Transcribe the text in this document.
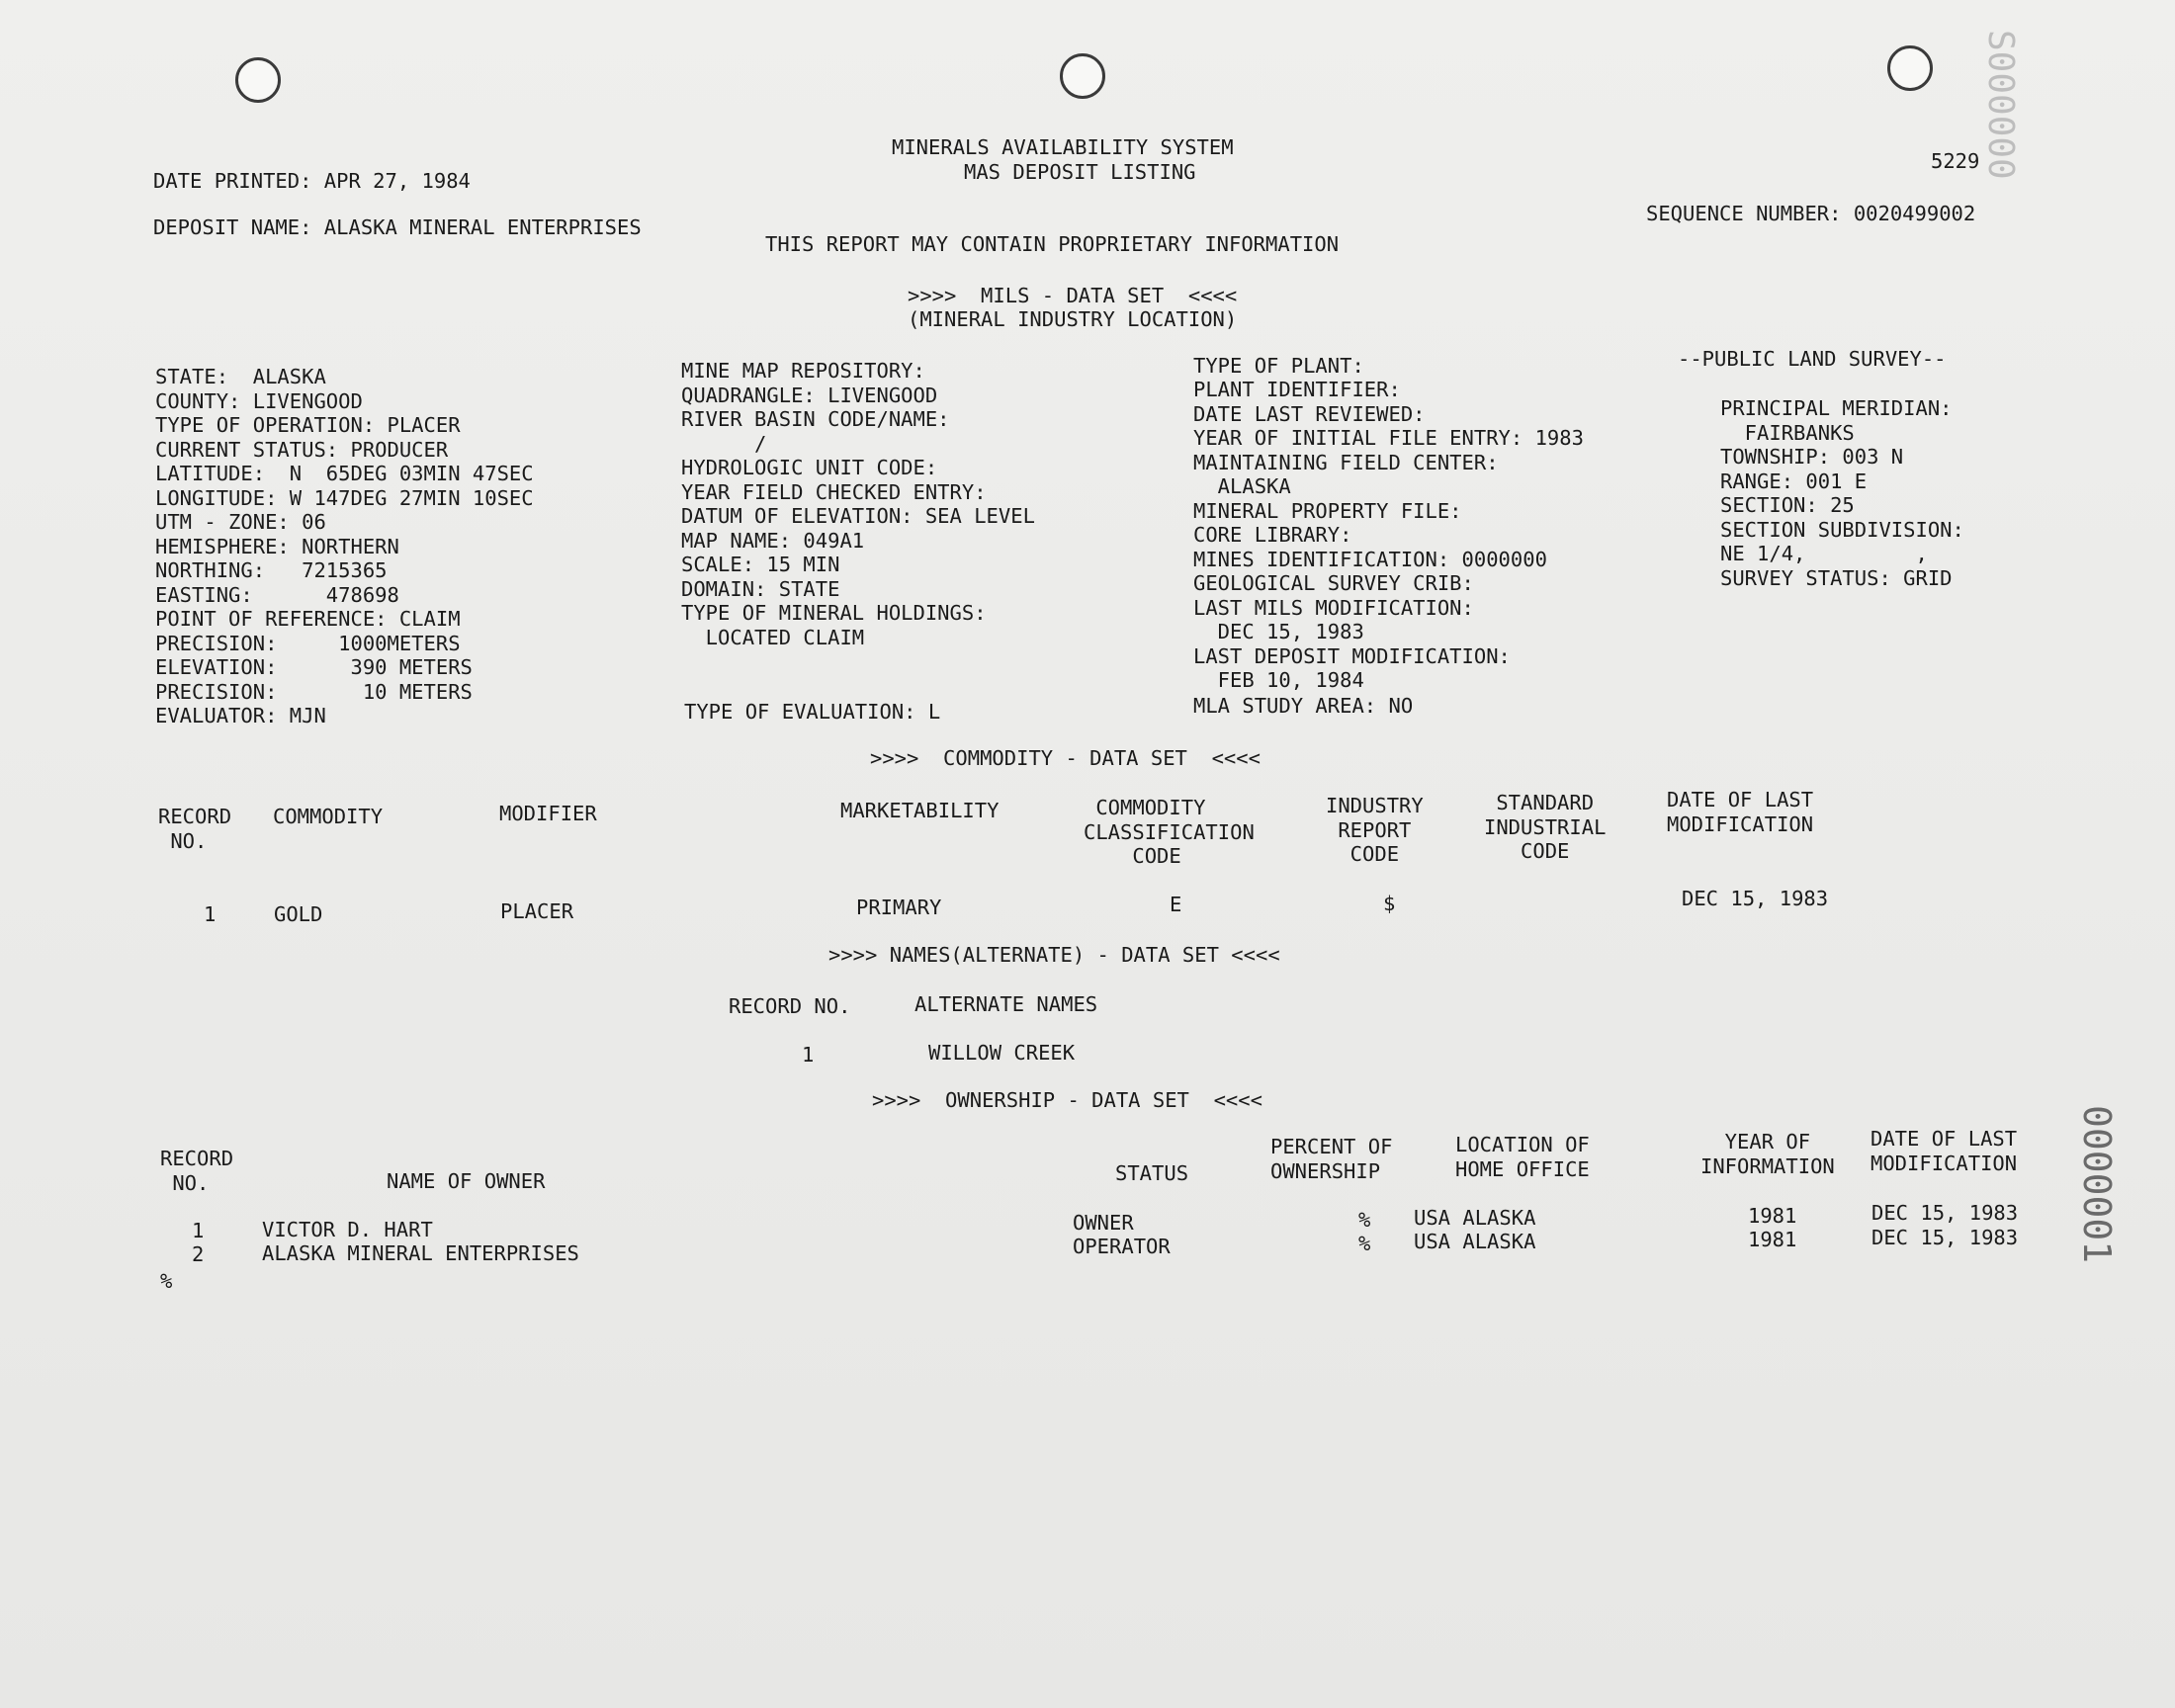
S000000
0000001
MINERALS AVAILABILITY SYSTEM
MAS DEPOSIT LISTING
DATE PRINTED: APR 27, 1984
5229
SEQUENCE NUMBER: 0020499002
DEPOSIT NAME: ALASKA MINERAL ENTERPRISES
THIS REPORT MAY CONTAIN PROPRIETARY INFORMATION
>>>>  MILS - DATA SET  <<<<
(MINERAL INDUSTRY LOCATION)
STATE:  ALASKA
COUNTY: LIVENGOOD
TYPE OF OPERATION: PLACER
CURRENT STATUS: PRODUCER
LATITUDE:  N  65DEG 03MIN 47SEC
LONGITUDE: W 147DEG 27MIN 10SEC
UTM - ZONE: 06
HEMISPHERE: NORTHERN
NORTHING:   7215365
EASTING:      478698
POINT OF REFERENCE: CLAIM
PRECISION:     1000METERS
ELEVATION:      390 METERS
PRECISION:       10 METERS
EVALUATOR: MJN
MINE MAP REPOSITORY:
QUADRANGLE: LIVENGOOD
RIVER BASIN CODE/NAME:
/
HYDROLOGIC UNIT CODE:
YEAR FIELD CHECKED ENTRY:
DATUM OF ELEVATION: SEA LEVEL
MAP NAME: 049A1
SCALE: 15 MIN
DOMAIN: STATE
TYPE OF MINERAL HOLDINGS:
LOCATED CLAIM
TYPE OF EVALUATION: L
TYPE OF PLANT:
PLANT IDENTIFIER:
DATE LAST REVIEWED:
YEAR OF INITIAL FILE ENTRY: 1983
MAINTAINING FIELD CENTER:
ALASKA
MINERAL PROPERTY FILE:
CORE LIBRARY:
MINES IDENTIFICATION: 0000000
GEOLOGICAL SURVEY CRIB:
LAST MILS MODIFICATION:
DEC 15, 1983
LAST DEPOSIT MODIFICATION:
FEB 10, 1984
MLA STUDY AREA: NO
--PUBLIC LAND SURVEY--
PRINCIPAL MERIDIAN:
FAIRBANKS
TOWNSHIP: 003 N
RANGE: 001 E
SECTION: 25
SECTION SUBDIVISION:
NE 1/4,         ,
SURVEY STATUS: GRID
>>>>  COMMODITY - DATA SET  <<<<
RECORD
NO.
COMMODITY	MODIFIER	MARKETABILITY	COMMODITY
CLASSIFICATION
CODE
INDUSTRY
REPORT
CODE
STANDARD
INDUSTRIAL
CODE
DATE OF LAST
MODIFICATION
1	GOLD	PLACER	PRIMARY	E	$	DEC 15, 1983
>>>> NAMES(ALTERNATE) - DATA SET <<<<
RECORD NO.	ALTERNATE NAMES
1	WILLOW CREEK
>>>>  OWNERSHIP - DATA SET  <<<<
RECORD
NO.	NAME OF OWNER	STATUS
PERCENT OF
OWNERSHIP
LOCATION OF
HOME OFFICE
YEAR OF
INFORMATION
DATE OF LAST
MODIFICATION
1	VICTOR D. HART	OWNER	% USA ALASKA	1981	DEC 15, 1983
2	ALASKA MINERAL ENTERPRISES	OPERATOR	% USA ALASKA	1981	DEC 15, 1983
%
